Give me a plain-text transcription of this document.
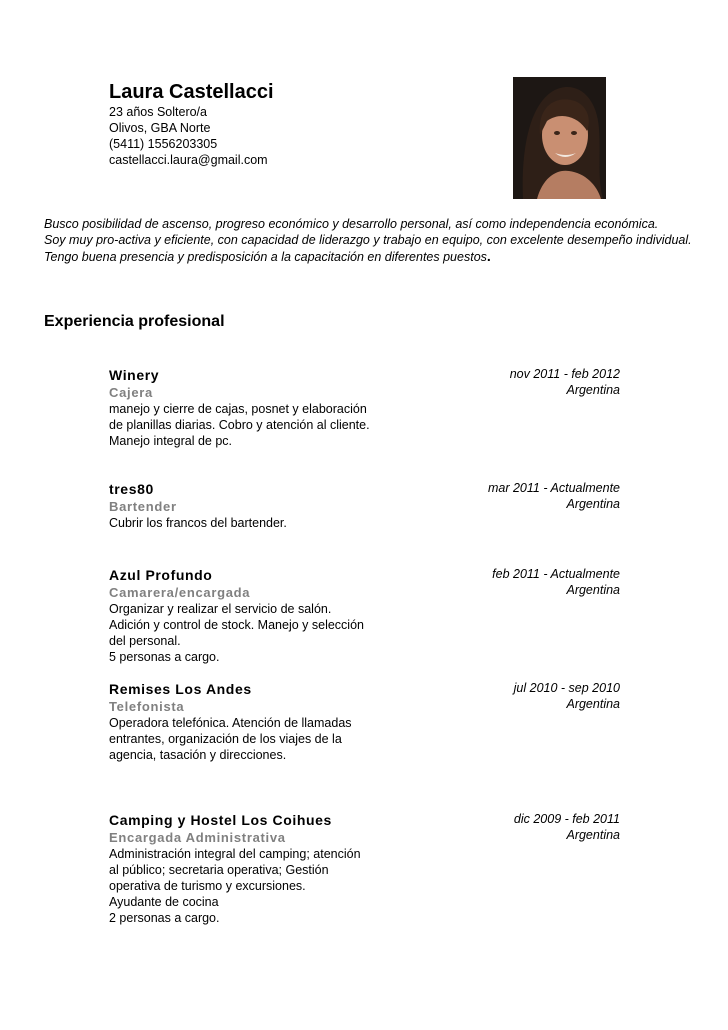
Laura Castellacci

23 años Soltero/a

Olivos, GBA Norte

(5411) 1556203305

castellacci.laura@gmail.com

Busco posibilidad de ascenso, progreso económico y desarrollo personal, así como independencia económica.

Soy muy pro-activa y eficiente, con capacidad de liderazgo y trabajo en equipo, con excelente desempeño individual.

Tengo buena presencia y predisposición a la capacitación en diferentes puestos.

Experiencia profesional

Winery

Cajera

manejo y cierre de cajas, posnet y elaboración de planillas diarias. Cobro y atención al cliente. Manejo integral de pc.
nov 2011 - feb 2012
Argentina

tres80

Bartender

Cubrir los francos del bartender.
mar 2011 - Actualmente
Argentina

Azul Profundo

Camarera/encargada

Organizar y realizar el servicio de salón. Adición y control de stock. Manejo y selección del personal.
5 personas a cargo.
feb 2011 - Actualmente
Argentina

Remises Los Andes

Telefonista

Operadora telefónica. Atención de llamadas entrantes, organización de los viajes de la agencia, tasación y direcciones.
jul 2010 - sep 2010
Argentina

Camping y Hostel Los Coihues

Encargada Administrativa

Administración integral del camping; atención al público; secretaria operativa; Gestión operativa de turismo y excursiones.
Ayudante de cocina
2 personas a cargo.
dic 2009 - feb 2011
Argentina
